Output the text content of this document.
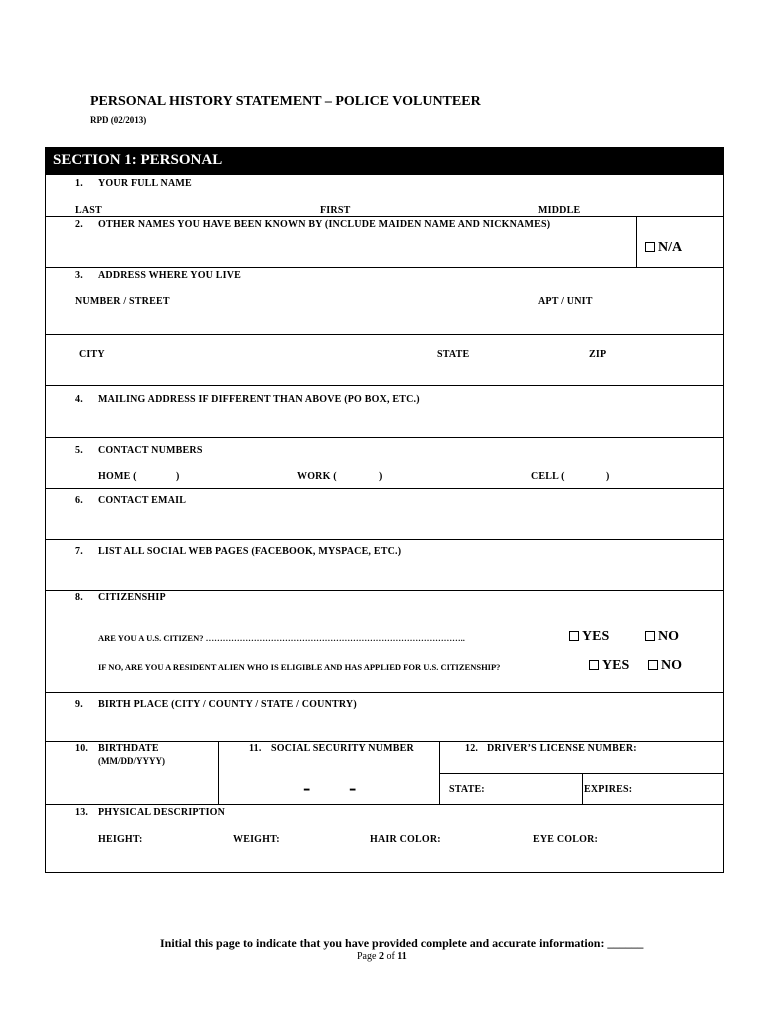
PERSONAL HISTORY STATEMENT – POLICE VOLUNTEER
RPD (02/2013)
SECTION 1: PERSONAL
1. YOUR FULL NAME
LAST	FIRST	MIDDLE
2. OTHER NAMES YOU HAVE BEEN KNOWN BY (INCLUDE MAIDEN NAME AND NICKNAMES)
N/A
3. ADDRESS WHERE YOU LIVE
NUMBER / STREET	APT / UNIT
CITY	STATE	ZIP
4. MAILING ADDRESS IF DIFFERENT THAN ABOVE (PO BOX, ETC.)
5. CONTACT NUMBERS
HOME (	)	WORK (	)	CELL (	)
6. CONTACT EMAIL
7. LIST ALL SOCIAL WEB PAGES (FACEBOOK, MYSPACE, ETC.)
8. CITIZENSHIP
ARE YOU A U.S. CITIZEN? ………………………………………………………………………………..	YES	NO
IF NO, ARE YOU A RESIDENT ALIEN WHO IS ELIGIBLE AND HAS APPLIED FOR U.S. CITIZENSHIP?	YES	NO
9. BIRTH PLACE (CITY / COUNTY / STATE / COUNTRY)
10. BIRTHDATE
(MM/DD/YYYY)
11. SOCIAL SECURITY NUMBER
- -
12. DRIVER’S LICENSE NUMBER:
STATE:	EXPIRES:
13. PHYSICAL DESCRIPTION
HEIGHT:	WEIGHT:	HAIR COLOR:	EYE COLOR:
Initial this page to indicate that you have provided complete and accurate information: ______
Page 2 of 11
